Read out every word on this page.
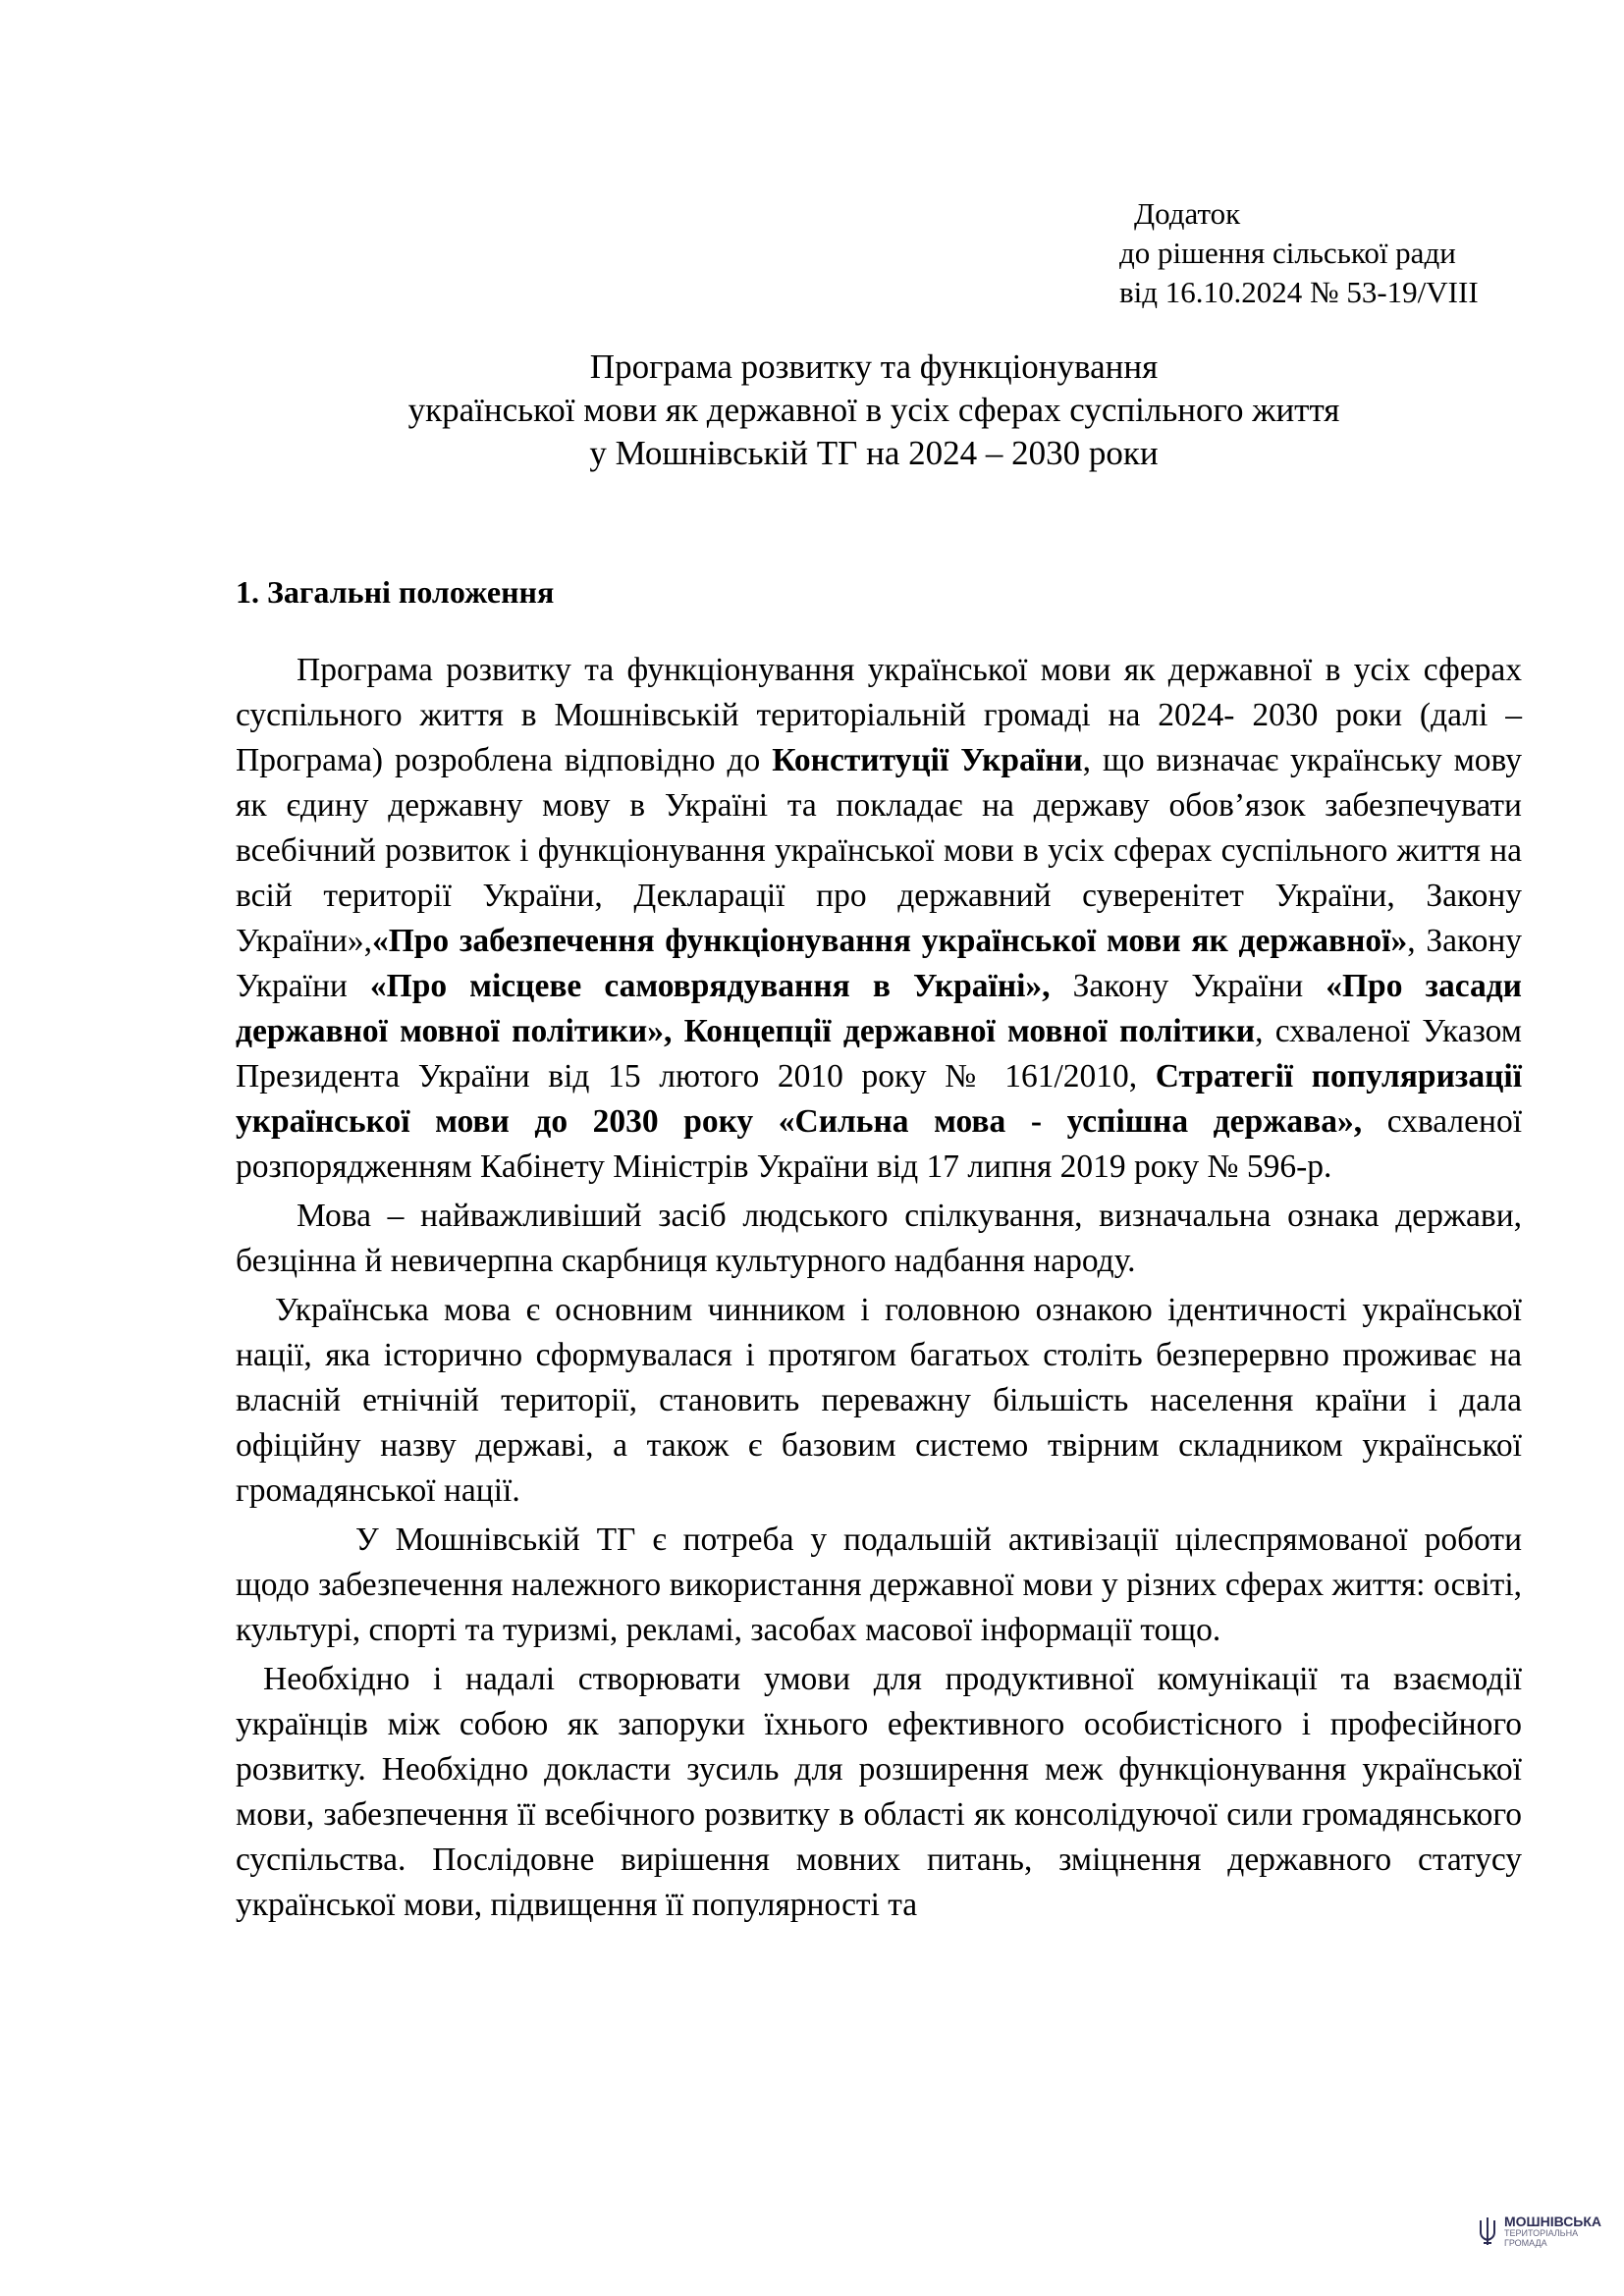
Додаток
до рішення сільської ради
від 16.10.2024 № 53-19/VIII
Програма розвитку та функціонування
української мови як державної в усіх сферах суспільного життя
у Мошнівській ТГ на 2024 – 2030 роки
1. Загальні положення

Програма розвитку та функціонування української мови як державної в усіх сферах суспільного життя в Мошнівській територіальній громаді на 2024- 2030 роки (далі – Програма) розроблена відповідно до Конституції України, що визначає українську мову як єдину державну мову в Україні та покладає на державу обов’язок забезпечувати всебічний розвиток і функціонування української мови в усіх сферах суспільного життя на всій території України, Декларації про державний суверенітет України, Закону України»,«Про забезпечення функціонування української мови як державної», Закону України «Про місцеве самоврядування в Україні», Закону України «Про засади державної мовної політики», Концепції державної мовної політики, схваленої Указом Президента України від 15 лютого 2010 року № 161/2010, Стратегії популяризації української мови до 2030 року «Сильна мова - успішна держава», схваленої розпорядженням Кабінету Міністрів України від 17 липня 2019 року № 596-р.

Мова – найважливіший засіб людського спілкування, визначальна ознака держави, безцінна й невичерпна скарбниця культурного надбання народу.

Українська мова є основним чинником і головною ознакою ідентичності української нації, яка історично сформувалася і протягом багатьох століть безперервно проживає на власній етнічній території, становить переважну більшість населення країни і дала офіційну назву державі, а також є базовим системо твірним складником української громадянської нації.

У Мошнівській ТГ є потреба у подальшій активізації цілеспрямованої роботи щодо забезпечення належного використання державної мови у різних сферах життя: освіті, культурі, спорті та туризмі, рекламі, засобах масової інформації тощо.

Необхідно і надалі створювати умови для продуктивної комунікації та взаємодії українців між собою як запоруки їхнього ефективного особистісного і професійного розвитку. Необхідно докласти зусиль для розширення меж функціонування української мови, забезпечення її всебічного розвитку в області як консолідуючої сили громадянського суспільства. Послідовне вирішення мовних питань, зміцнення державного статусу української мови, підвищення її популярності та

МОШНІВСЬКА
ТЕРИТОРІАЛЬНА
ГРОМАДА
